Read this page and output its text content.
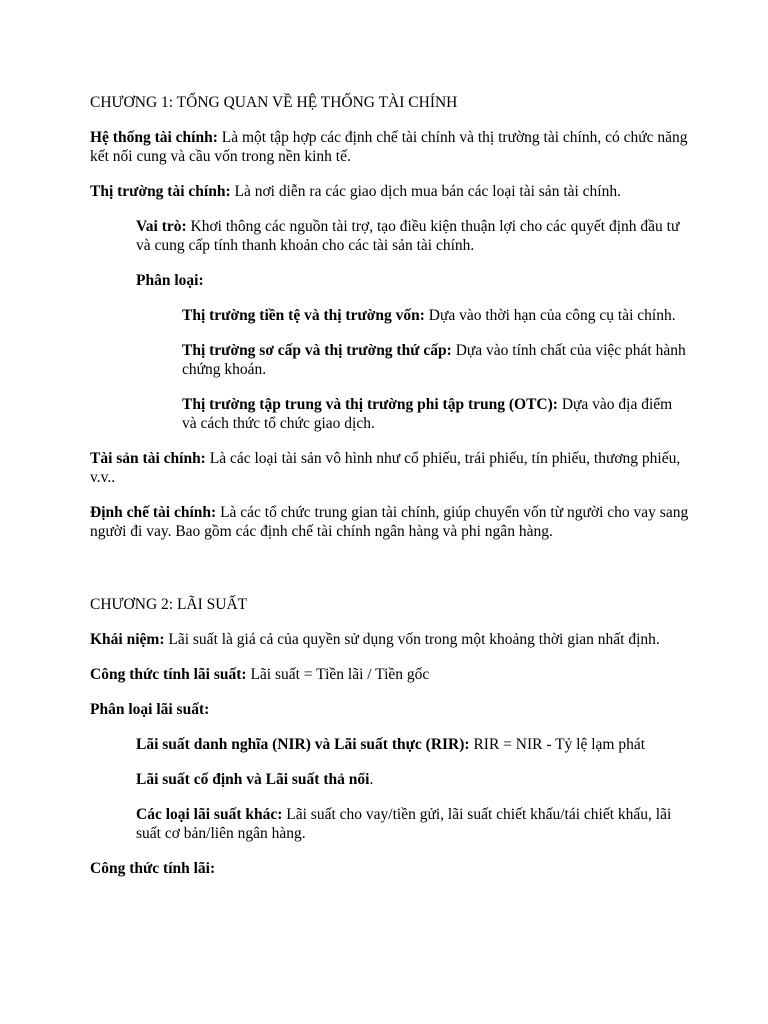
CHƯƠNG 1: TỔNG QUAN VỀ HỆ THỐNG TÀI CHÍNH
Hệ thống tài chính: Là một tập hợp các định chế tài chính và thị trường tài chính, có chức năng kết nối cung và cầu vốn trong nền kinh tế.
Thị trường tài chính: Là nơi diễn ra các giao dịch mua bán các loại tài sản tài chính.
Vai trò: Khơi thông các nguồn tài trợ, tạo điều kiện thuận lợi cho các quyết định đầu tư và cung cấp tính thanh khoản cho các tài sản tài chính.
Phân loại:
Thị trường tiền tệ và thị trường vốn: Dựa vào thời hạn của công cụ tài chính.
Thị trường sơ cấp và thị trường thứ cấp: Dựa vào tính chất của việc phát hành chứng khoán.
Thị trường tập trung và thị trường phi tập trung (OTC): Dựa vào địa điểm và cách thức tổ chức giao dịch.
Tài sản tài chính: Là các loại tài sản vô hình như cổ phiếu, trái phiếu, tín phiếu, thương phiếu, v.v..
Định chế tài chính: Là các tổ chức trung gian tài chính, giúp chuyển vốn từ người cho vay sang người đi vay. Bao gồm các định chế tài chính ngân hàng và phi ngân hàng.
CHƯƠNG 2: LÃI SUẤT
Khái niệm: Lãi suất là giá cả của quyền sử dụng vốn trong một khoảng thời gian nhất định.
Công thức tính lãi suất: Lãi suất = Tiền lãi / Tiền gốc
Phân loại lãi suất:
Lãi suất danh nghĩa (NIR) và Lãi suất thực (RIR): RIR = NIR - Tỷ lệ lạm phát
Lãi suất cố định và Lãi suất thả nổi.
Các loại lãi suất khác: Lãi suất cho vay/tiền gửi, lãi suất chiết khấu/tái chiết khấu, lãi suất cơ bản/liên ngân hàng.
Công thức tính lãi:
